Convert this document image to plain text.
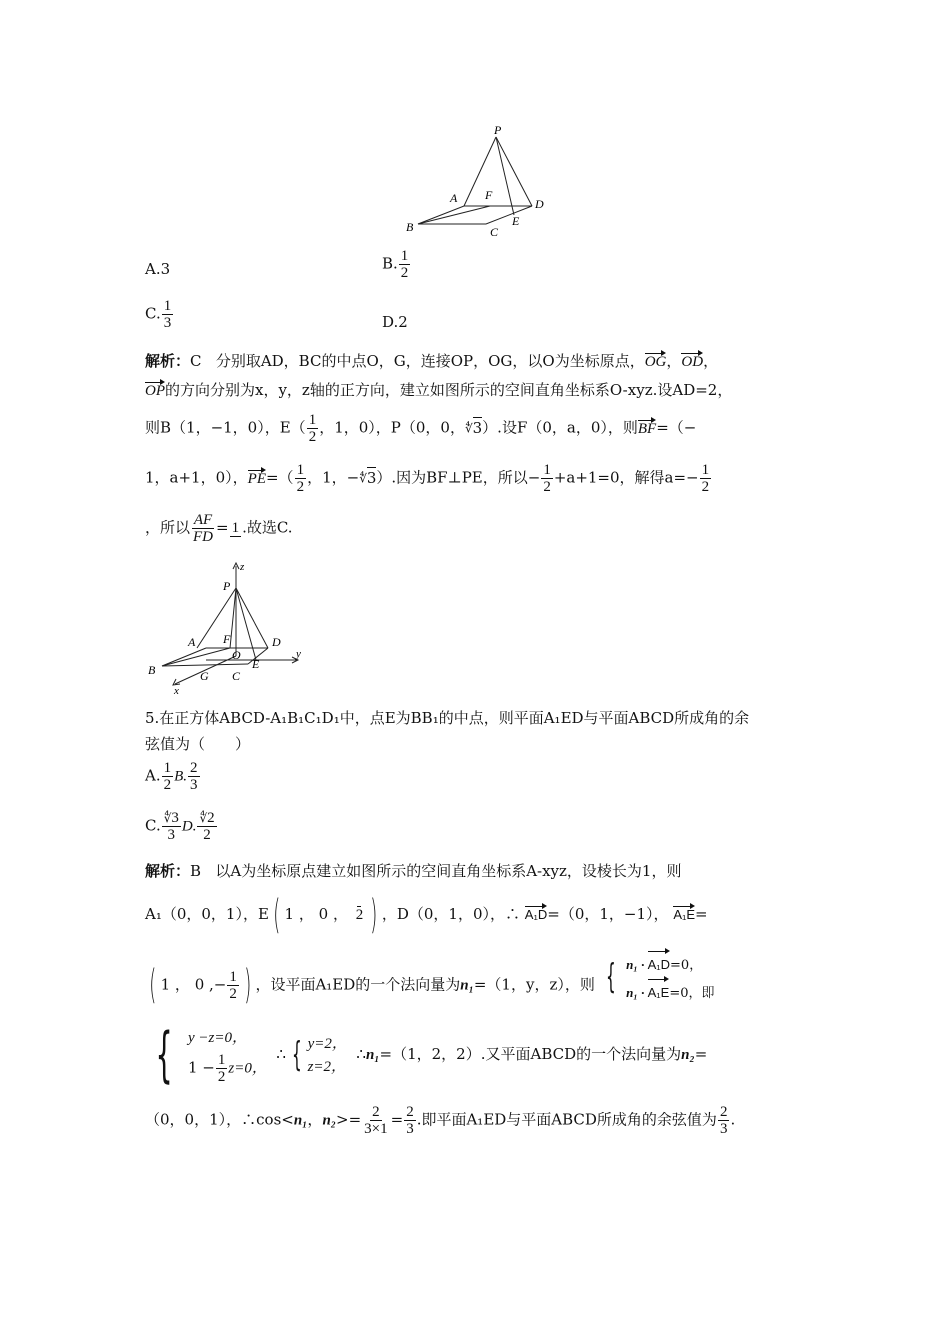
P
A F
D
B	E
C
A.3	B. $\frac{1}{2}$
C. $\frac{1}{3}$	D.2
解析：C 分别取AD，BC的中点O，G，连接OP，OG，以O为坐标原点，OG，OD，
OP的方向分别为x，y，z轴的正方向，建立如图所示的空间直角坐标系O-xyz.设AD=2，
则B（1，−1，0），$E( \frac{1}{2}$ ，1，0），P（0，0，∜3）.设F（0，a，0），则BF=（−
1，a+1，0），$PE=( \frac{1}{2}$ ，1，−∜3）.因为BF⊥PE，所以− $\frac{1}{2} +a+1=0$，解得$a=- \frac{1}{2}$
，所以 $\frac{AF}{FD} = 1$ .故选C.
z
P
A F	D
O	y
B	G C
E
x
5.在正方体ABCD-A₁B₁C₁D₁中，点E为BB₁的中点，则平面A₁ED与平面ABCD所成角的余
弦值为（　　）
A. $\frac{1}{2} B$. $\frac{2}{3}$
C. $\frac{∜3}{3} D$. $\frac{∜2}{2}$
解析：B 以A为坐标原点建立如图所示的空间直角坐标系A-xyz，设棱长为1，则
A₁（0，0，1），E ( 1 ， 0 ， 2 ) ，D（0，1，0），∴ A₁D=（0，1，−1）， A₁E=
( 1 ， 0 ,− $\frac{1}{2}$ ) ，设平面A₁ED的一个法向量为n₁=（1，y，z），则 { n₁ · A₁D=0，
n₁ · A₁E=0，即
{ y −z=0，
$1 - \frac{1}{2} z=0$，  ∴ { y=2，
z=2，  ∴n₁=（1，2，2）.又平面ABCD的一个法向量为n₂=
（0，0，1），∴cos<n₁，$n_2>= \frac{2}{3\times 1} = \frac{2}{3}$ .即平面A₁ED与平面ABCD所成角的余弦值为 $\frac{2}{3}$ .
